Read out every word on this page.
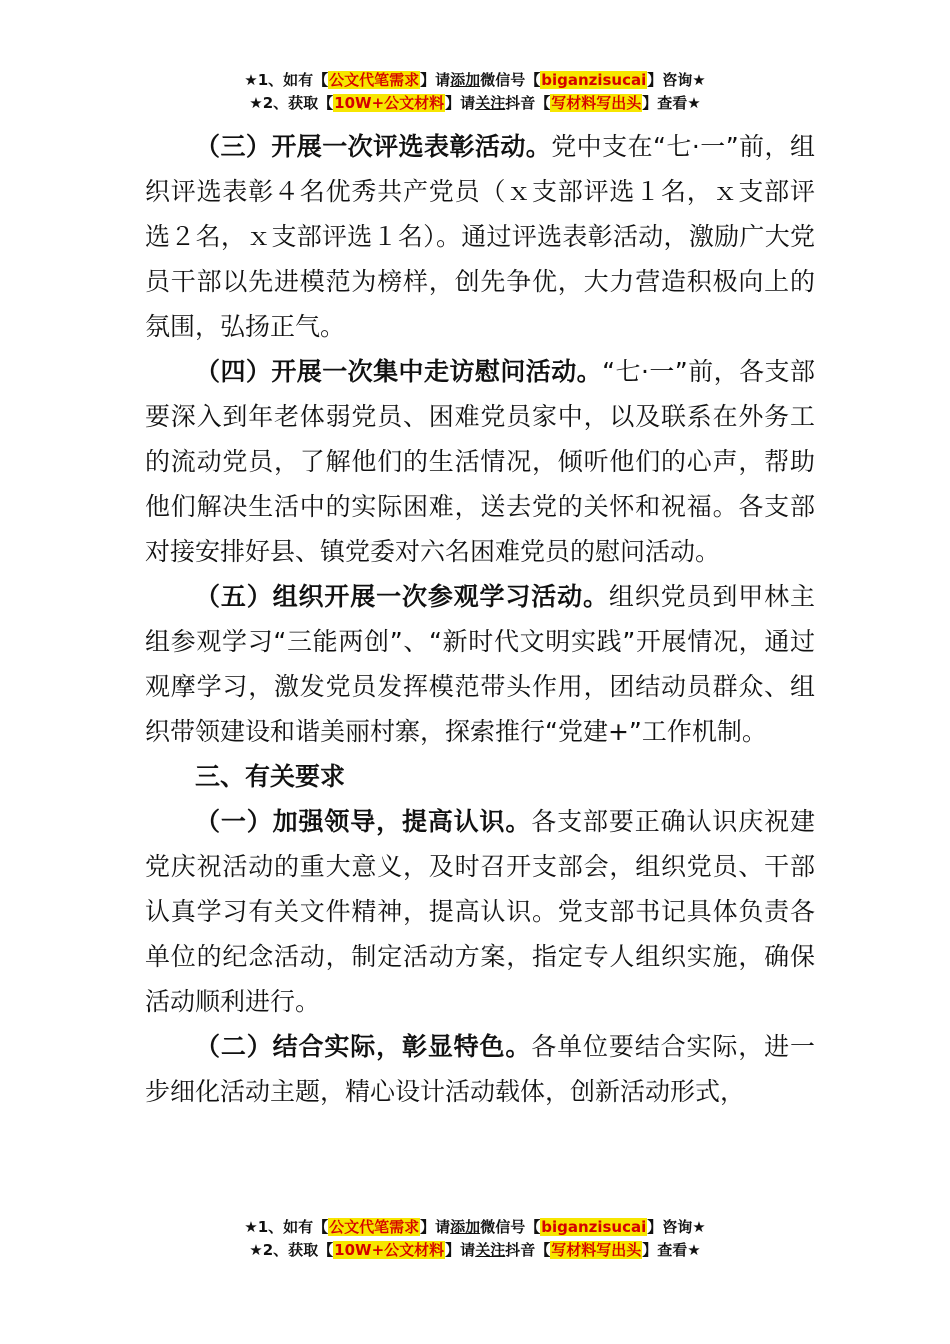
★1、如有【公文代笔需求】请添加微信号【biganzisucai】咨询★
★2、获取【10W+公文材料】请关注抖音【写材料写出头】查看★

（三）开展一次评选表彰活动。党中支在“七·一”前，组织评选表彰４名优秀共产党员（ｘ支部评选１名，ｘ支部评选２名，ｘ支部评选１名）。通过评选表彰活动，激励广大党员干部以先进模范为榜样，创先争优，大力营造积极向上的氛围，弘扬正气。

（四）开展一次集中走访慰问活动。“七·一”前，各支部要深入到年老体弱党员、困难党员家中，以及联系在外务工的流动党员，了解他们的生活情况，倾听他们的心声，帮助他们解决生活中的实际困难，送去党的关怀和祝福。各支部对接安排好县、镇党委对六名困难党员的慰问活动。

（五）组织开展一次参观学习活动。组织党员到甲林主组参观学习“三能两创”、“新时代文明实践”开展情况，通过观摩学习，激发党员发挥模范带头作用，团结动员群众、组织带领建设和谐美丽村寨，探索推行“党建+”工作机制。

三、有关要求

（一）加强领导，提高认识。各支部要正确认识庆祝建党庆祝活动的重大意义，及时召开支部会，组织党员、干部认真学习有关文件精神，提高认识。党支部书记具体负责各单位的纪念活动，制定活动方案，指定专人组织实施，确保活动顺利进行。

（二）结合实际，彰显特色。各单位要结合实际，进一步细化活动主题，精心设计活动载体，创新活动形式，

★1、如有【公文代笔需求】请添加微信号【biganzisucai】咨询★
★2、获取【10W+公文材料】请关注抖音【写材料写出头】查看★
